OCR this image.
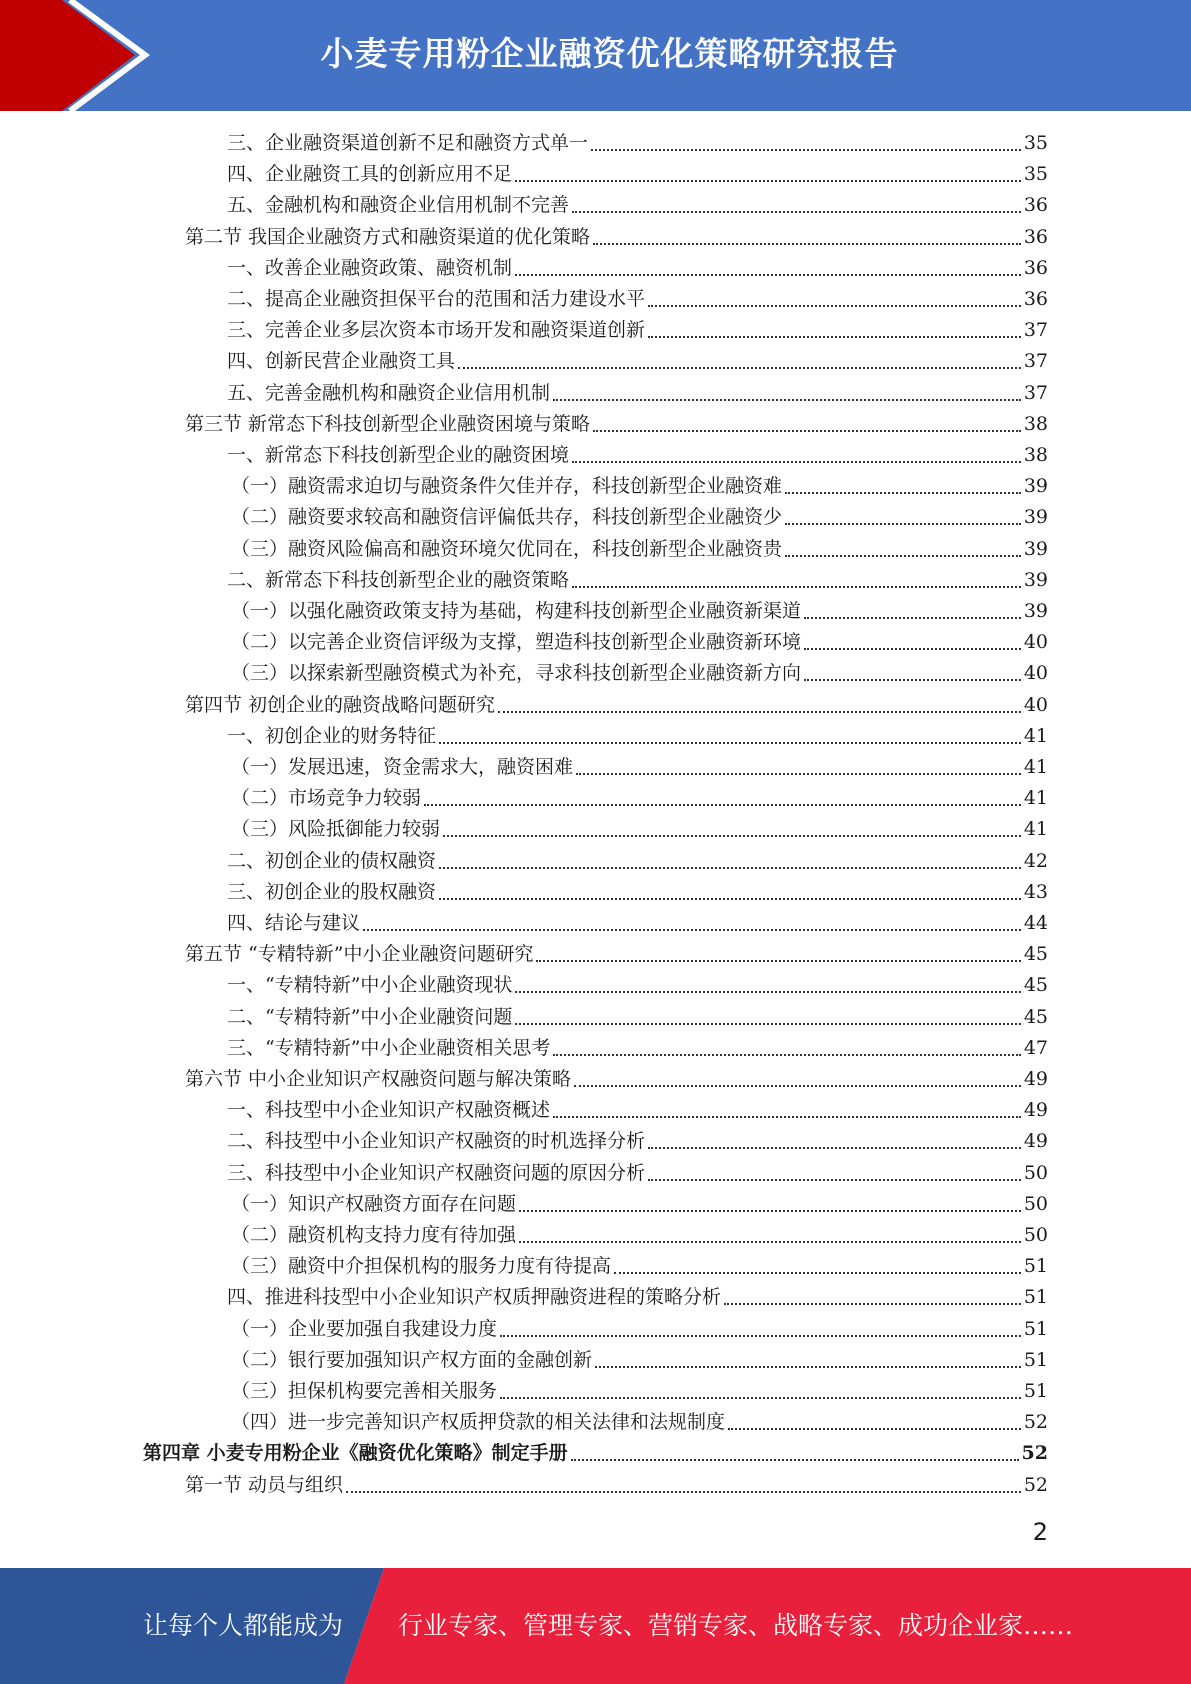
小麦专用粉企业融资优化策略研究报告
三、企业融资渠道创新不足和融资方式单一	35
四、企业融资工具的创新应用不足	35
五、金融机构和融资企业信用机制不完善	36
第二节 我国企业融资方式和融资渠道的优化策略	36
一、改善企业融资政策、融资机制	36
二、提高企业融资担保平台的范围和活力建设水平	36
三、完善企业多层次资本市场开发和融资渠道创新	37
四、创新民营企业融资工具	37
五、完善金融机构和融资企业信用机制	37
第三节 新常态下科技创新型企业融资困境与策略	38
一、新常态下科技创新型企业的融资困境	38
（一）融资需求迫切与融资条件欠佳并存，科技创新型企业融资难	39
（二）融资要求较高和融资信评偏低共存，科技创新型企业融资少	39
（三）融资风险偏高和融资环境欠优同在，科技创新型企业融资贵	39
二、新常态下科技创新型企业的融资策略	39
（一）以强化融资政策支持为基础，构建科技创新型企业融资新渠道	39
（二）以完善企业资信评级为支撑，塑造科技创新型企业融资新环境	40
（三）以探索新型融资模式为补充，寻求科技创新型企业融资新方向	40
第四节 初创企业的融资战略问题研究	40
一、初创企业的财务特征	41
（一）发展迅速，资金需求大，融资困难	41
（二）市场竞争力较弱	41
（三）风险抵御能力较弱	41
二、初创企业的债权融资	42
三、初创企业的股权融资	43
四、结论与建议	44
第五节 “专精特新”中小企业融资问题研究	45
一、“专精特新”中小企业融资现状	45
二、“专精特新”中小企业融资问题	45
三、“专精特新”中小企业融资相关思考	47
第六节 中小企业知识产权融资问题与解决策略	49
一、科技型中小企业知识产权融资概述	49
二、科技型中小企业知识产权融资的时机选择分析	49
三、科技型中小企业知识产权融资问题的原因分析	50
（一）知识产权融资方面存在问题	50
（二）融资机构支持力度有待加强	50
（三）融资中介担保机构的服务力度有待提高	51
四、推进科技型中小企业知识产权质押融资进程的策略分析	51
（一）企业要加强自我建设力度	51
（二）银行要加强知识产权方面的金融创新	51
（三）担保机构要完善相关服务	51
（四）进一步完善知识产权质押贷款的相关法律和法规制度	52
第四章 小麦专用粉企业《融资优化策略》制定手册	52
第一节 动员与组织	52
2
让每个人都能成为 行业专家、管理专家、营销专家、战略专家、成功企业家……
